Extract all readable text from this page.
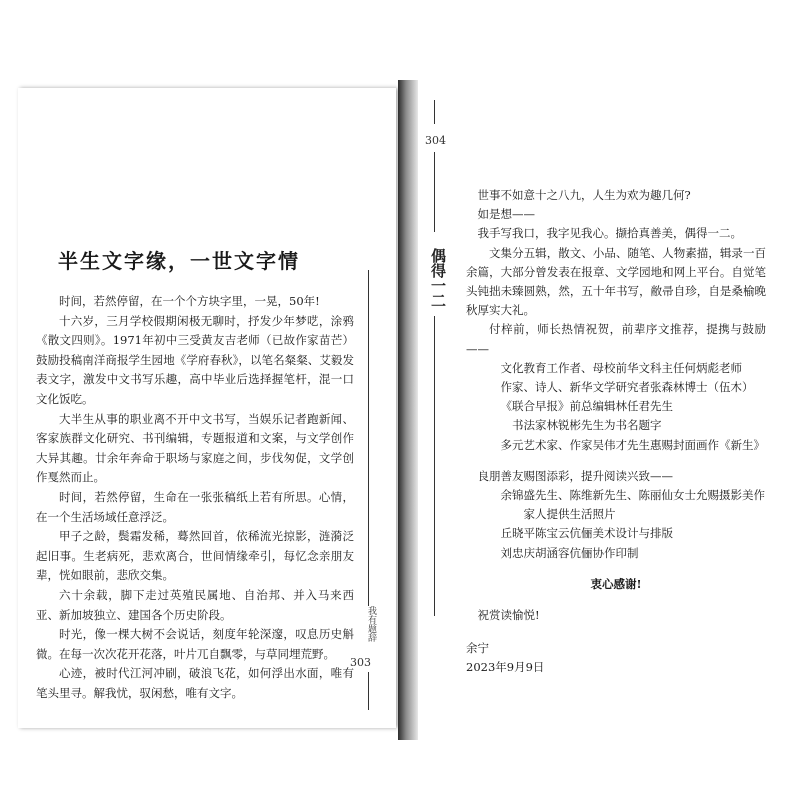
半生文字缘，一世文字情

时间，若然停留，在一个个方块字里，一晃，50年!

十六岁，三月学校假期闲极无聊时，抒发少年梦呓，涂鸦《散文四则》。1971年初中三受黄友吉老师（已故作家苗芒）鼓励投稿南洋商报学生园地《学府春秋》，以笔名粲粲、艾毅发表文字，激发中文书写乐趣，高中毕业后选择握笔杆，混一口文化饭吃。

大半生从事的职业离不开中文书写，当娱乐记者跑新闻、客家族群文化研究、书刊编辑，专题报道和文案，与文学创作大异其趣。廿余年奔命于职场与家庭之间，步伐匆促，文学创作戛然而止。

时间，若然停留，生命在一张张稿纸上若有所思。心情，在一个生活场域任意浮泛。

甲子之龄，鬓霜发稀，蓦然回首，依稀流光掠影，涟漪泛起旧事。生老病死，悲欢离合，世间情缘牵引，每忆念亲朋友辈，恍如眼前，悲欣交集。

六十余载，脚下走过英殖民属地、自治邦、并入马来西亚、新加坡独立、建国各个历史阶段。

时光，像一棵大树不会说话，刻度年轮深邃，叹息历史斛微。在每一次次花开花落，叶片兀自飘零，与草同埋荒野。

心迹，被时代江河冲刷，破浪飞花，如何浮出水面，唯有笔头里寻。解我忧，驭闲愁，唯有文字。

我有题辞
303
304
偶得一二

世事不如意十之八九，人生为欢为趣几何?

如是想——

我手写我口，我字见我心。撷拾真善美，偶得一二。

文集分五辑，散文、小品、随笔、人物素描，辑录一百余篇，大部分曾发表在报章、文学园地和网上平台。自觉笔头钝拙未臻圆熟，然，五十年书写，敝帚自珍，自是桑榆晚秋厚实大礼。

付梓前，师长热情祝贺，前辈序文推荐，提携与鼓励——

文化教育工作者、母校前华文科主任何炳彪老师

作家、诗人、新华文学研究者张森林博士（伍木）

《联合早报》前总编辑林任君先生

书法家林锐彬先生为书名题字

多元艺术家、作家吴伟才先生惠赐封面画作《新生》

良朋善友赐图添彩，提升阅读兴致——

余锦盛先生、陈维新先生、陈丽仙女士允赐摄影美作

家人提供生活照片

丘晓平陈宝云伉俪美术设计与排版

刘忠庆胡涵容伉俪协作印制

衷心感谢!

祝赏读愉悦!

余宁

2023年9月9日
